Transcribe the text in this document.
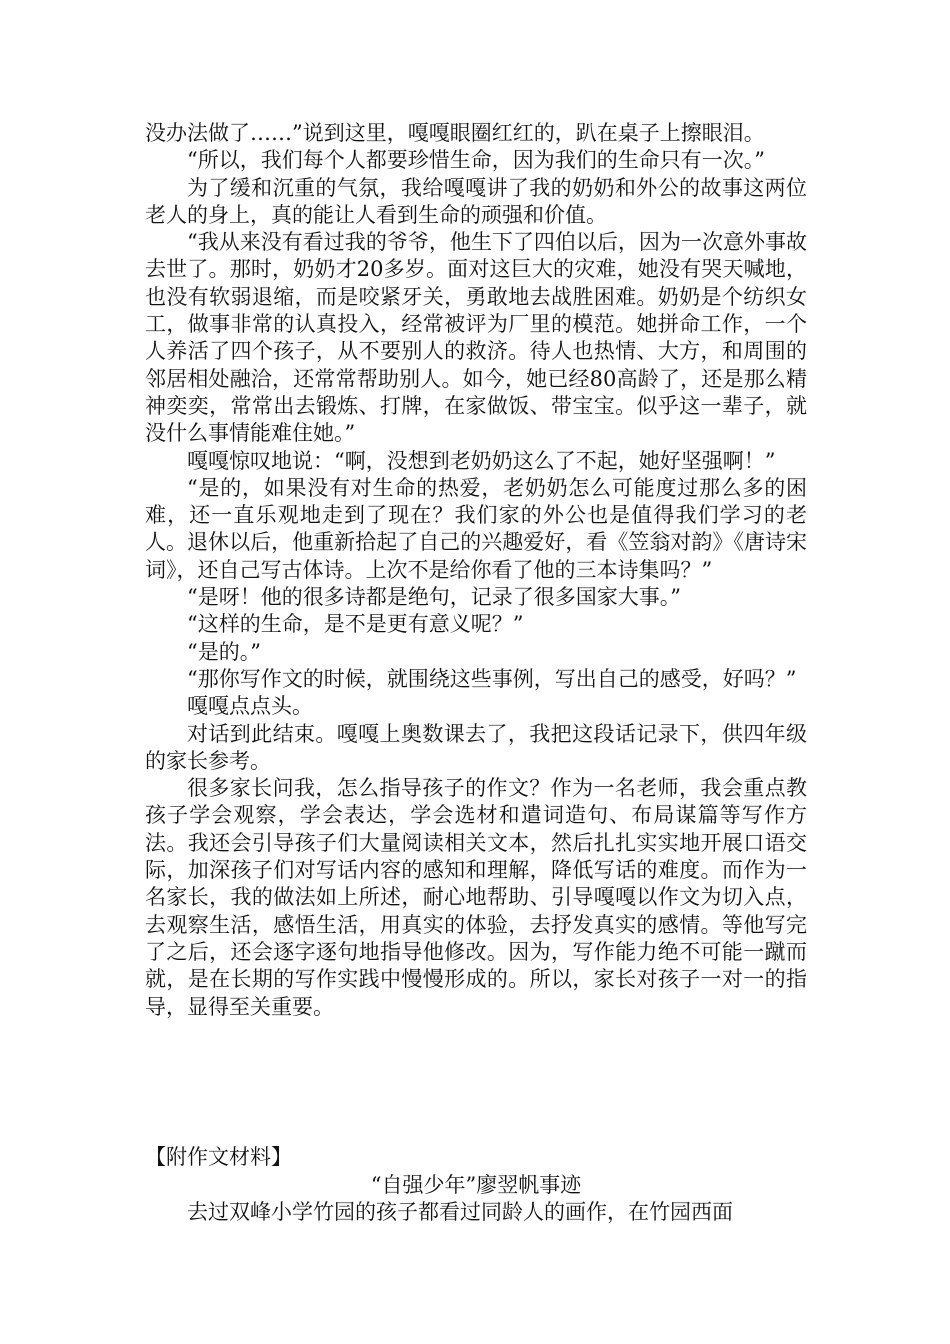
没办法做了……”说到这里，嘎嘎眼圈红红的，趴在桌子上擦眼泪。

“所以，我们每个人都要珍惜生命，因为我们的生命只有一次。”

为了缓和沉重的气氛，我给嘎嘎讲了我的奶奶和外公的故事这两位老人的身上，真的能让人看到生命的顽强和价值。

“我从来没有看过我的爷爷，他生下了四伯以后，因为一次意外事故去世了。那时，奶奶才20多岁。面对这巨大的灾难，她没有哭天喊地，也没有软弱退缩，而是咬紧牙关，勇敢地去战胜困难。奶奶是个纺织女工，做事非常的认真投入，经常被评为厂里的模范。她拼命工作，一个人养活了四个孩子，从不要别人的救济。待人也热情、大方，和周围的邻居相处融洽，还常常帮助别人。如今，她已经80高龄了，还是那么精神奕奕，常常出去锻炼、打牌，在家做饭、带宝宝。似乎这一辈子，就没什么事情能难住她。”

嘎嘎惊叹地说：“啊，没想到老奶奶这么了不起，她好坚强啊！”

“是的，如果没有对生命的热爱，老奶奶怎么可能度过那么多的困难，还一直乐观地走到了现在？我们家的外公也是值得我们学习的老人。退休以后，他重新拾起了自己的兴趣爱好，看《笠翁对韵》《唐诗宋词》，还自己写古体诗。上次不是给你看了他的三本诗集吗？”

“是呀！他的很多诗都是绝句，记录了很多国家大事。”

“这样的生命，是不是更有意义呢？”

“是的。”

“那你写作文的时候，就围绕这些事例，写出自己的感受，好吗？”

嘎嘎点点头。

对话到此结束。嘎嘎上奥数课去了，我把这段话记录下，供四年级的家长参考。

很多家长问我，怎么指导孩子的作文？作为一名老师，我会重点教孩子学会观察，学会表达，学会选材和遣词造句、布局谋篇等写作方法。我还会引导孩子们大量阅读相关文本，然后扎扎实实地开展口语交际，加深孩子们对写话内容的感知和理解，降低写话的难度。而作为一名家长，我的做法如上所述，耐心地帮助、引导嘎嘎以作文为切入点，去观察生活，感悟生活，用真实的体验，去抒发真实的感情。等他写完了之后，还会逐字逐句地指导他修改。因为，写作能力绝不可能一蹴而就，是在长期的写作实践中慢慢形成的。所以，家长对孩子一对一的指导，显得至关重要。

【附作文材料】

“自强少年”廖翌帆事迹

去过双峰小学竹园的孩子都看过同龄人的画作，在竹园西面
